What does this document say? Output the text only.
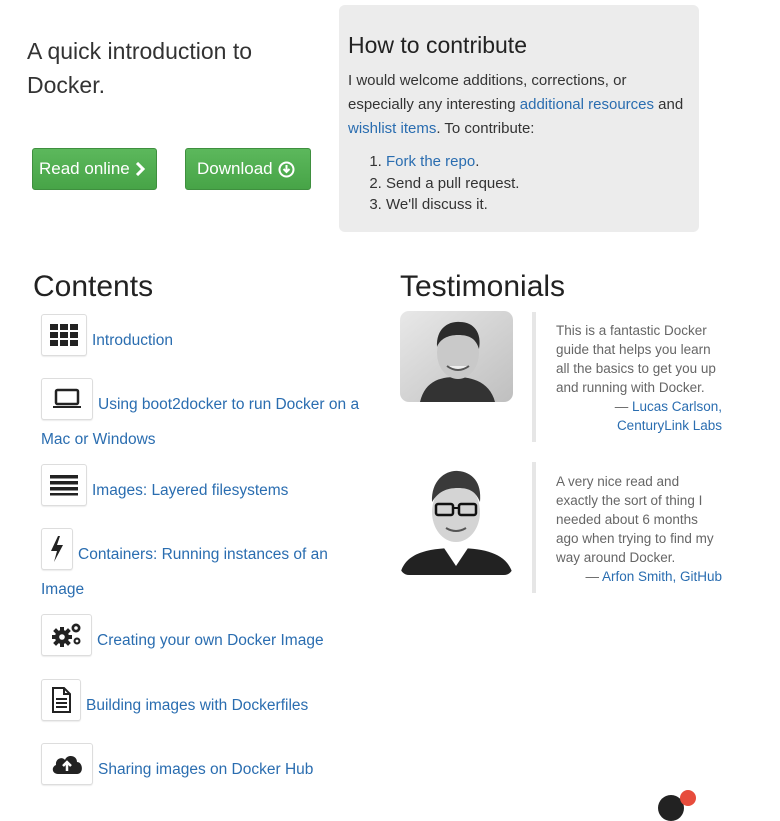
A quick introduction to Docker.
Read online	Download
How to contribute

I would welcome additions, corrections, or especially any interesting additional resources and wishlist items. To contribute:

1. Fork the repo.
2. Send a pull request.
3. We'll discuss it.
Contents
Introduction
Using boot2docker to run Docker on a Mac or Windows
Images: Layered filesystems
Containers: Running instances of an Image
Creating your own Docker Image
Building images with Dockerfiles
Sharing images on Docker Hub
Testimonials
This is a fantastic Docker guide that helps you learn all the basics to get you up and running with Docker.
— Lucas Carlson, CenturyLink Labs
A very nice read and exactly the sort of thing I needed about 6 months ago when trying to find my way around Docker.
— Arfon Smith, GitHub
